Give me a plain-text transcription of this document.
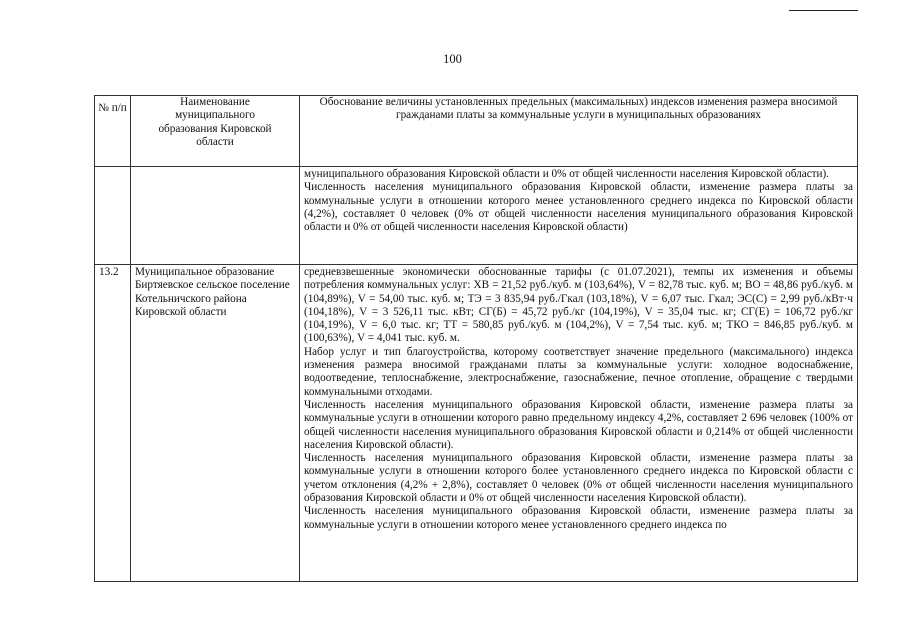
100
№ п/п	Наименование муниципального образования Кировской области	Обоснование величины установленных предельных (максимальных) индексов изменения размера вносимой гражданами платы за коммунальные услуги в муниципальных образованиях

		муниципального образования Кировской области и 0% от общей численности населения Кировской области).

Численность населения муниципального образования Кировской области, изменение размера платы за коммунальные услуги в отношении которого менее установленного среднего индекса по Кировской области (4,2%), составляет 0 человек (0% от общей численности населения муниципального образования Кировской области и 0% от общей численности населения Кировской области)

13.2	Муниципальное образование Биртяевское сельское поселение Котельничского района Кировской области	средневзвешенные экономически обоснованные тарифы (с 01.07.2021), темпы их изменения и объемы потребления коммунальных услуг: ХВ = 21,52 руб./куб. м (103,64%), V = 82,78 тыс. куб. м; ВО = 48,86 руб./куб. м (104,89%), V = 54,00 тыс. куб. м; ТЭ = 3 835,94 руб./Гкал (103,18%), V = 6,07 тыс. Гкал; ЭС(С) = 2,99 руб./кВт·ч (104,18%), V = 3 526,11 тыс. кВт; СГ(Б) = 45,72 руб./кг (104,19%), V = 35,04 тыс. кг; СГ(Е) = 106,72 руб./кг (104,19%), V = 6,0 тыс. кг; ТТ = 580,85 руб./куб. м (104,2%), V = 7,54 тыс. куб. м; ТКО = 846,85 руб./куб. м (100,63%), V = 4,041 тыс. куб. м.

Набор услуг и тип благоустройства, которому соответствует значение предельного (максимального) индекса изменения размера вносимой гражданами платы за коммунальные услуги: холодное водоснабжение, водоотведение, теплоснабжение, электроснабжение, газоснабжение, печное отопление, обращение с твердыми коммунальными отходами.

Численность населения муниципального образования Кировской области, изменение размера платы за коммунальные услуги в отношении которого равно предельному индексу 4,2%, составляет 2 696 человек (100% от общей численности населения муниципального образования Кировской области и 0,214% от общей численности населения Кировской области).

Численность населения муниципального образования Кировской области, изменение размера платы за коммунальные услуги в отношении которого более установленного среднего индекса по Кировской области с учетом отклонения (4,2% + 2,8%), составляет 0 человек (0% от общей численности населения муниципального образования Кировской области и 0% от общей численности населения Кировской области).

Численность населения муниципального образования Кировской области, изменение размера платы за коммунальные услуги в отношении которого менее установленного среднего индекса по
